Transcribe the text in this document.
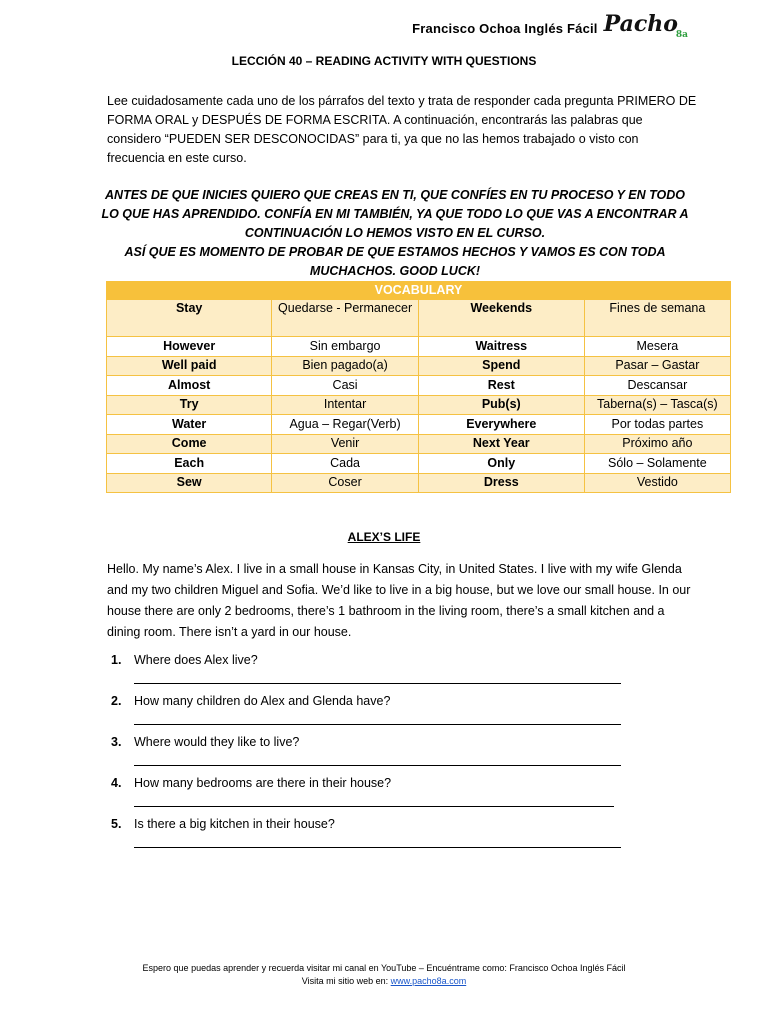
Francisco Ochoa Inglés Fácil Pacho$_{8a}$
LECCIÓN 40 – READING ACTIVITY WITH QUESTIONS
Lee cuidadosamente cada uno de los párrafos del texto y trata de responder cada pregunta PRIMERO DE FORMA ORAL y DESPUÉS DE FORMA ESCRITA. A continuación, encontrarás las palabras que considero “PUEDEN SER DESCONOCIDAS” para ti, ya que no las hemos trabajado o visto con frecuencia en este curso.
ANTES DE QUE INICIES QUIERO QUE CREAS EN TI, QUE CONFÍES EN TU PROCESO Y EN TODO LO QUE HAS APRENDIDO. CONFÍA EN MI TAMBIÉN, YA QUE TODO LO QUE VAS A ENCONTRAR A CONTINUACIÓN LO HEMOS VISTO EN EL CURSO.
ASÍ QUE ES MOMENTO DE PROBAR DE QUE ESTAMOS HECHOS Y VAMOS ES CON TODA MUCHACHOS. GOOD LUCK!
VOCABULARY			
Stay	Quedarse - Permanecer	Weekends	Fines de semana
However	Sin embargo	Waitress	Mesera
Well paid	Bien pagado(a)	Spend	Pasar – Gastar
Almost	Casi	Rest	Descansar
Try	Intentar	Pub(s)	Taberna(s) – Tasca(s)
Water	Agua – Regar(Verb)	Everywhere	Por todas partes
Come	Venir	Next Year	Próximo año
Each	Cada	Only	Sólo – Solamente
Sew	Coser	Dress	Vestido
ALEX’S LIFE
Hello. My name’s Alex. I live in a small house in Kansas City, in United States. I live with my wife Glenda and my two children Miguel and Sofia. We’d like to live in a big house, but we love our small house. In our house there are only 2 bedrooms, there’s 1 bathroom in the living room, there’s a small kitchen and a dining room. There isn’t a yard in our house.
1. Where does Alex live?
2. How many children do Alex and Glenda have?
3. Where would they like to live?
4. How many bedrooms are there in their house?
5. Is there a big kitchen in their house?
Espero que puedas aprender y recuerda visitar mi canal en YouTube – Encuéntrame como: Francisco Ochoa Inglés Fácil
Visita mi sitio web en: www.pacho8a.com
